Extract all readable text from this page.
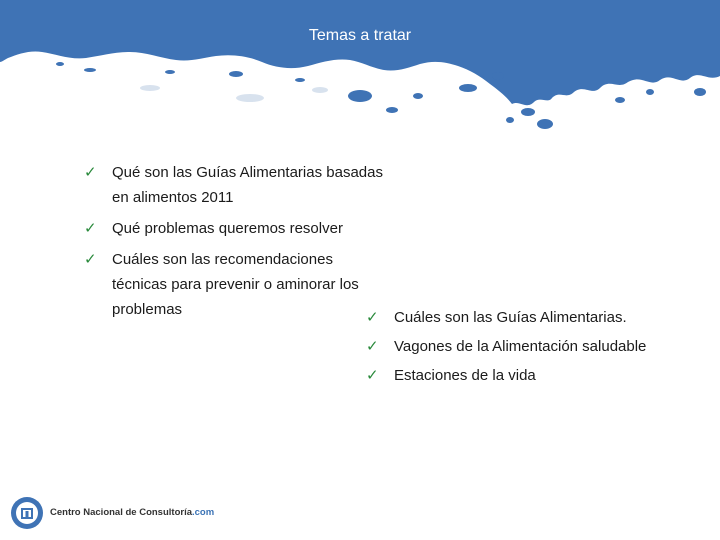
Temas a tratar
✓ Qué son las Guías Alimentarias basadas en alimentos 2011
✓ Qué problemas queremos resolver
✓ Cuáles son las recomendaciones técnicas para prevenir o aminorar los problemas	✓ Cuáles son las Guías Alimentarias.
✓ Vagones de la Alimentación saludable
✓ Estaciones de la vida
Centro Nacional de Consultoría.com
